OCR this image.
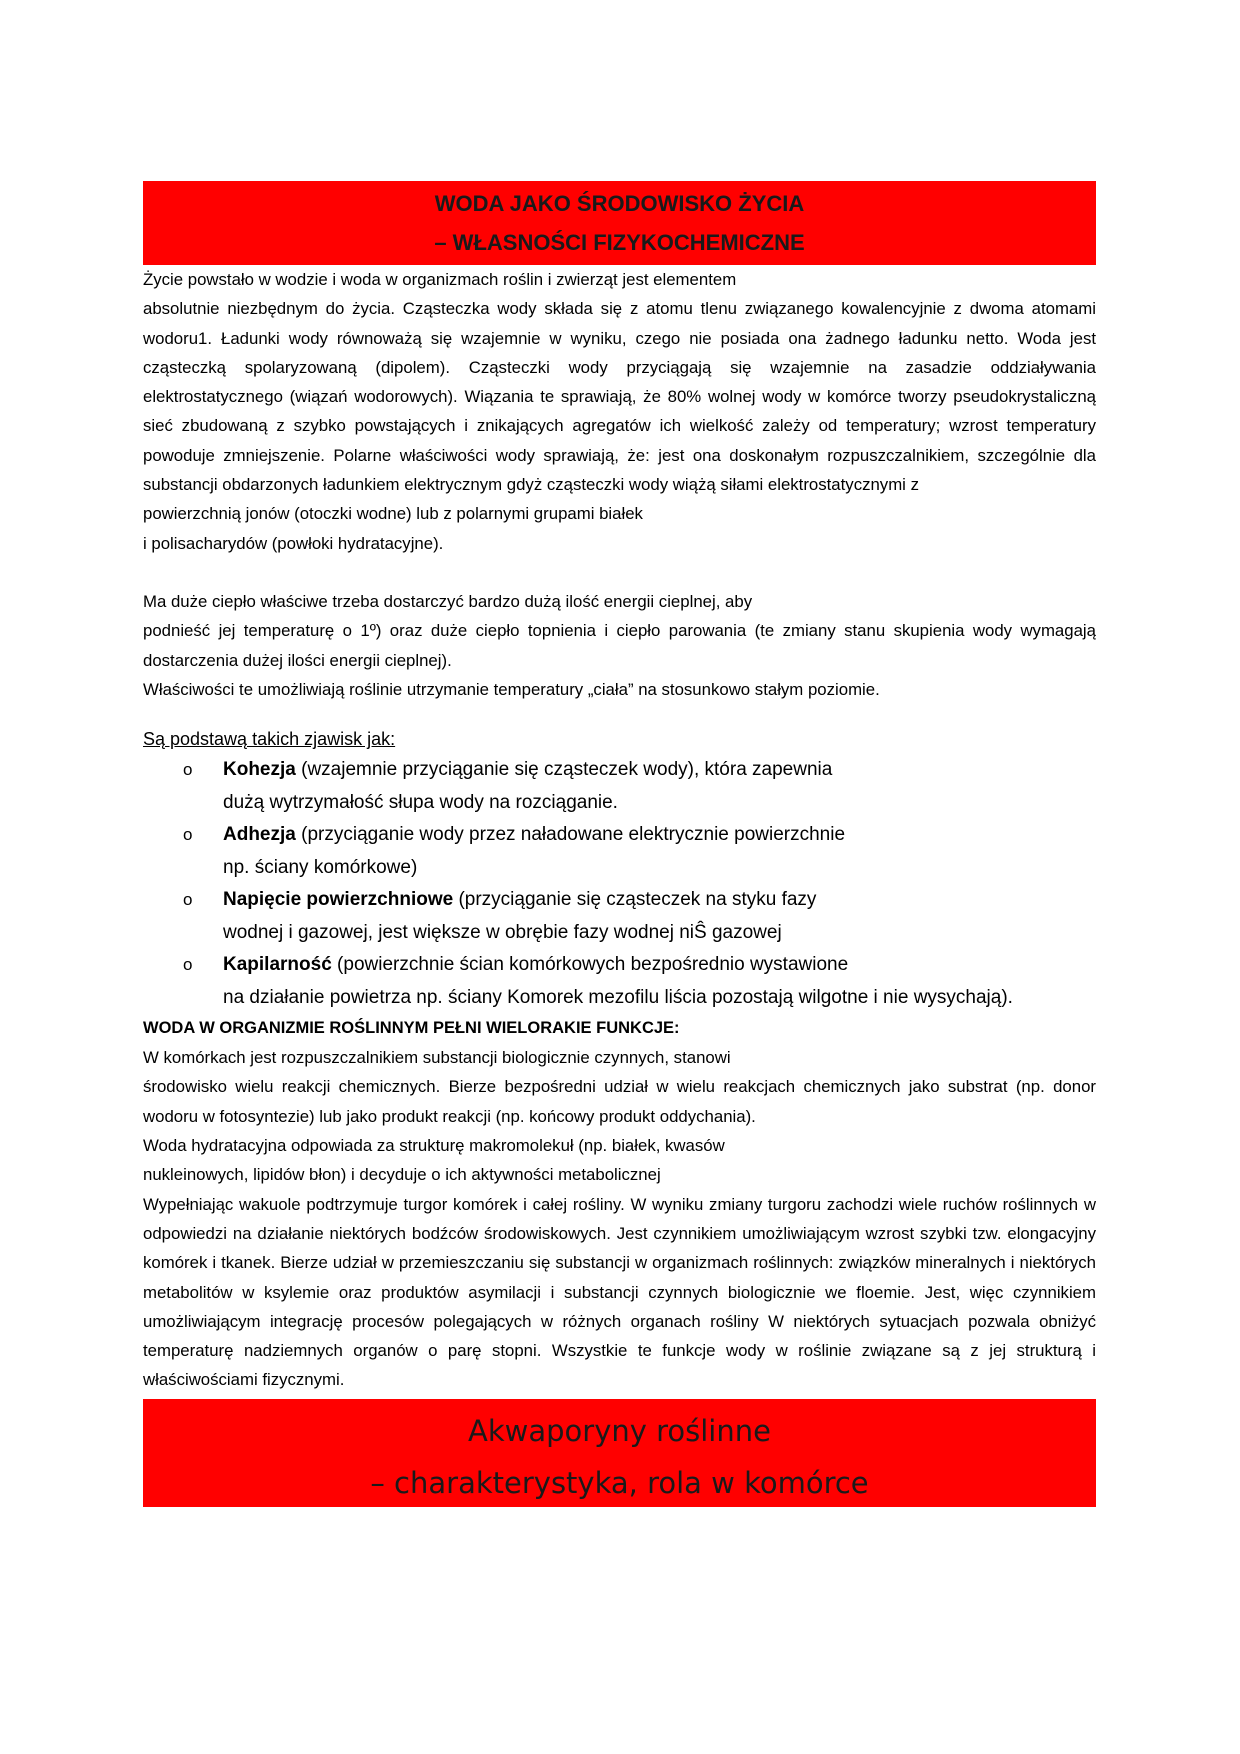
WODA JAKO ŚRODOWISKO ŻYCIA
– WŁASNOŚCI FIZYKOCHEMICZNE

Życie powstało w wodzie i woda w organizmach roślin i zwierząt jest elementem

absolutnie niezbędnym do życia. Cząsteczka wody składa się z atomu tlenu związanego kowalencyjnie z dwoma atomami wodoru1. Ładunki wody równoważą się wzajemnie w wyniku, czego nie posiada ona żadnego ładunku netto. Woda jest cząsteczką spolaryzowaną (dipolem). Cząsteczki wody przyciągają się wzajemnie na zasadzie oddziaływania elektrostatycznego (wiązań wodorowych). Wiązania te sprawiają, że 80% wolnej wody w komórce tworzy pseudokrystaliczną sieć zbudowaną z szybko powstających i znikających agregatów ich wielkość zależy od temperatury; wzrost temperatury powoduje zmniejszenie. Polarne właściwości wody sprawiają, że: jest ona doskonałym rozpuszczalnikiem, szczególnie dla substancji obdarzonych ładunkiem elektrycznym gdyż cząsteczki wody wiążą siłami elektrostatycznymi z

powierzchnią jonów (otoczki wodne) lub z polarnymi grupami białek

i polisacharydów (powłoki hydratacyjne).

Ma duże ciepło właściwe trzeba dostarczyć bardzo dużą ilość energii cieplnej, aby

podnieść jej temperaturę o 1º) oraz duże ciepło topnienia i ciepło parowania (te zmiany stanu skupienia wody wymagają dostarczenia dużej ilości energii cieplnej).

Właściwości te umożliwiają roślinie utrzymanie temperatury „ciała” na stosunkowo stałym poziomie.

Są podstawą takich zjawisk jak:
o Kohezja (wzajemnie przyciąganie się cząsteczek wody), która zapewnia
dużą wytrzymałość słupa wody na rozciąganie.
o Adhezja (przyciąganie wody przez naładowane elektrycznie powierzchnie
np. ściany komórkowe)
o Napięcie powierzchniowe (przyciąganie się cząsteczek na styku fazy
wodnej i gazowej, jest większe w obrębie fazy wodnej niŜ gazowej
o Kapilarność (powierzchnie ścian komórkowych bezpośrednio wystawione
na działanie powietrza np. ściany Komorek mezofilu liścia pozostają wilgotne i nie wysychają).
WODA W ORGANIZMIE ROŚLINNYM PEŁNI WIELORAKIE FUNKCJE:

W komórkach jest rozpuszczalnikiem substancji biologicznie czynnych, stanowi

środowisko wielu reakcji chemicznych. Bierze bezpośredni udział w wielu reakcjach chemicznych jako substrat (np. donor wodoru w fotosyntezie) lub jako produkt reakcji (np. końcowy produkt oddychania).

Woda hydratacyjna odpowiada za strukturę makromolekuł (np. białek, kwasów

nukleinowych, lipidów błon) i decyduje o ich aktywności metabolicznej

Wypełniając wakuole podtrzymuje turgor komórek i całej rośliny. W wyniku zmiany turgoru zachodzi wiele ruchów roślinnych w odpowiedzi na działanie niektórych bodźców środowiskowych. Jest czynnikiem umożliwiającym wzrost szybki tzw. elongacyjny komórek i tkanek. Bierze udział w przemieszczaniu się substancji w organizmach roślinnych: związków mineralnych i niektórych metabolitów w ksylemie oraz produktów asymilacji i substancji czynnych biologicznie we floemie. Jest, więc czynnikiem umożliwiającym integrację procesów polegających w różnych organach rośliny W niektórych sytuacjach pozwala obniżyć temperaturę nadziemnych organów o parę stopni. Wszystkie te funkcje wody w roślinie związane są z jej strukturą i właściwościami fizycznymi.

Akwaporyny roślinne
– charakterystyka, rola w komórce
